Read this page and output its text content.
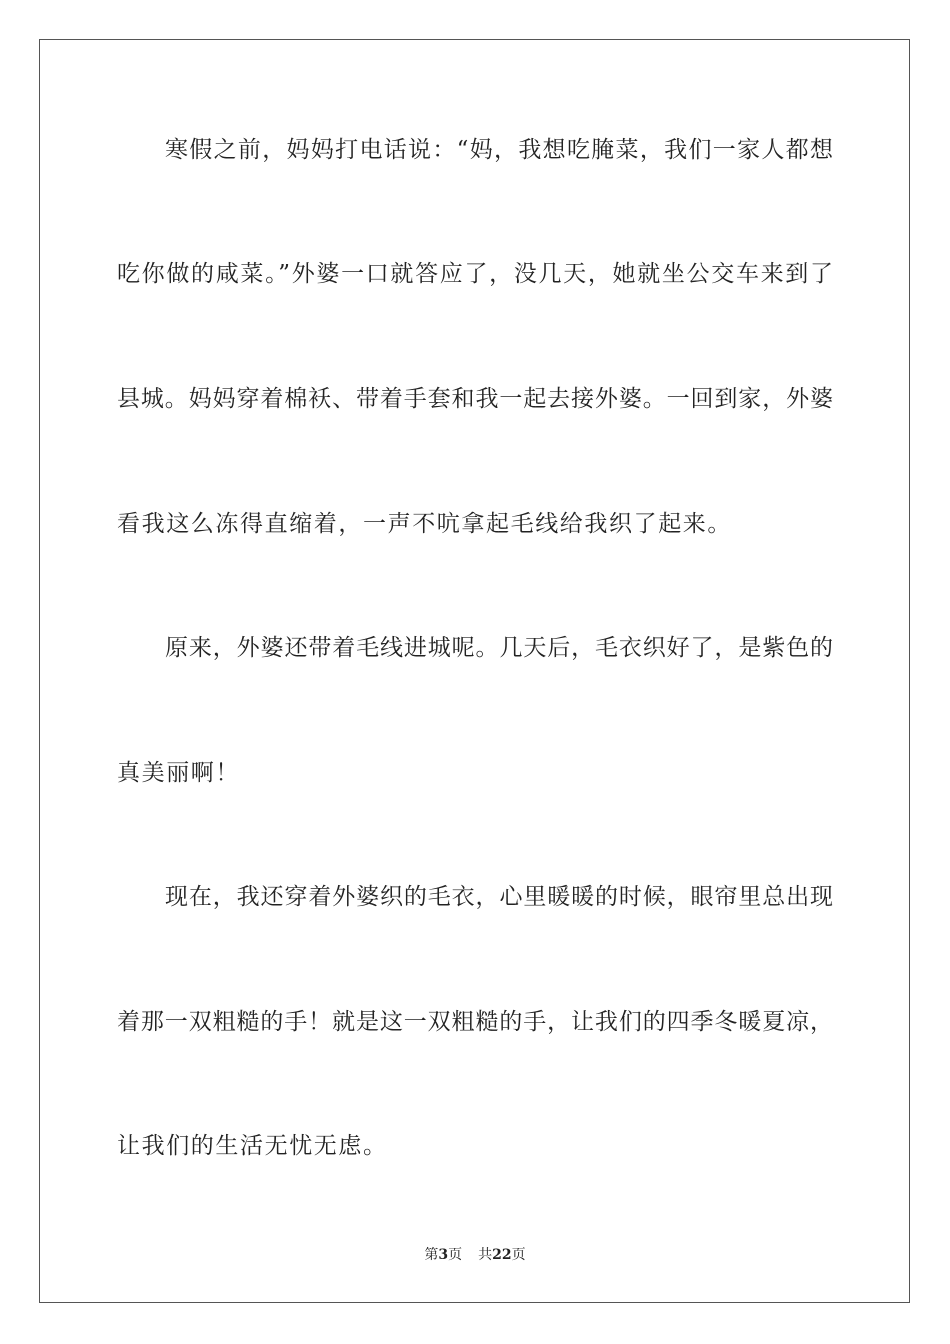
寒假之前，妈妈打电话说：“妈，我想吃腌菜，我们一家人都想
吃你做的咸菜。”外婆一口就答应了，没几天，她就坐公交车来到了
县城。妈妈穿着棉袄、带着手套和我一起去接外婆。一回到家，外婆
看我这么冻得直缩着，一声不吭拿起毛线给我织了起来。
原来，外婆还带着毛线进城呢。几天后，毛衣织好了，是紫色的
真美丽啊！
现在，我还穿着外婆织的毛衣，心里暖暖的时候，眼帘里总出现
着那一双粗糙的手！就是这一双粗糙的手，让我们的四季冬暖夏凉，
让我们的生活无忧无虑。
第3页 共22页
